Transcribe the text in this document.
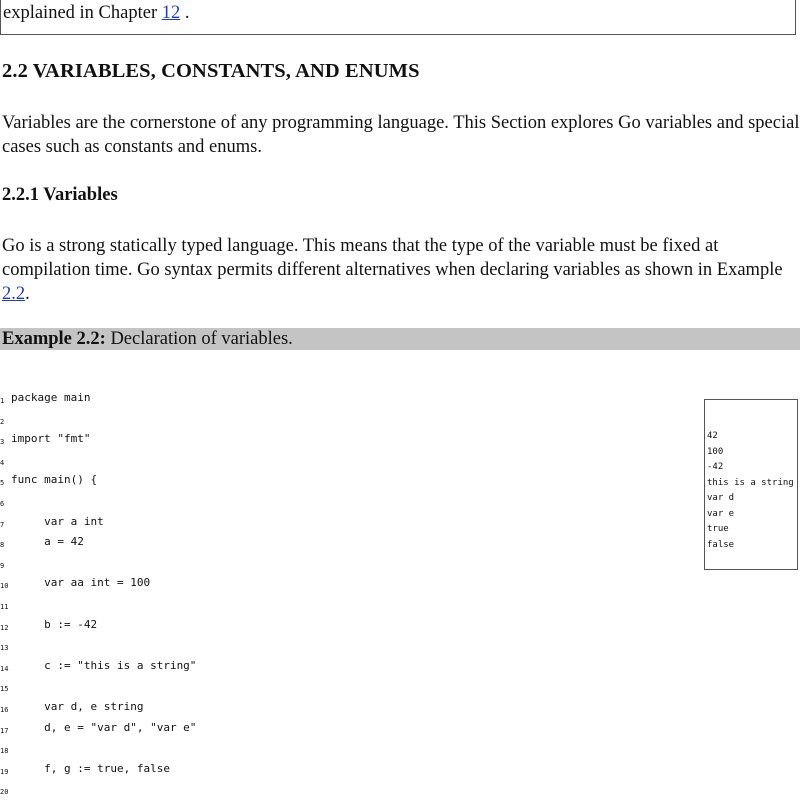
explained in Chapter 12 .
2.2 VARIABLES, CONSTANTS, AND ENUMS

Variables are the cornerstone of any programming language. This Section explores Go variables and special cases such as constants and enums.

2.2.1 Variables

Go is a strong statically typed language. This means that the type of the variable must be fixed at compilation time. Go syntax permits different alternatives when declaring variables as shown in Example 2.2.

Example 2.2: Declaration of variables.
1 package main
2
3 import "fmt"
4
5 func main() {
6
7 var a int
8 a = 42
9
10 var aa int = 100
11
12 b := -42
13
14 c := "this is a string"
15
16 var d, e string
17 d, e = "var d", "var e"
18
19 f, g := true, false
20
42
100
-42
this is a string
var d
var e
true
false
